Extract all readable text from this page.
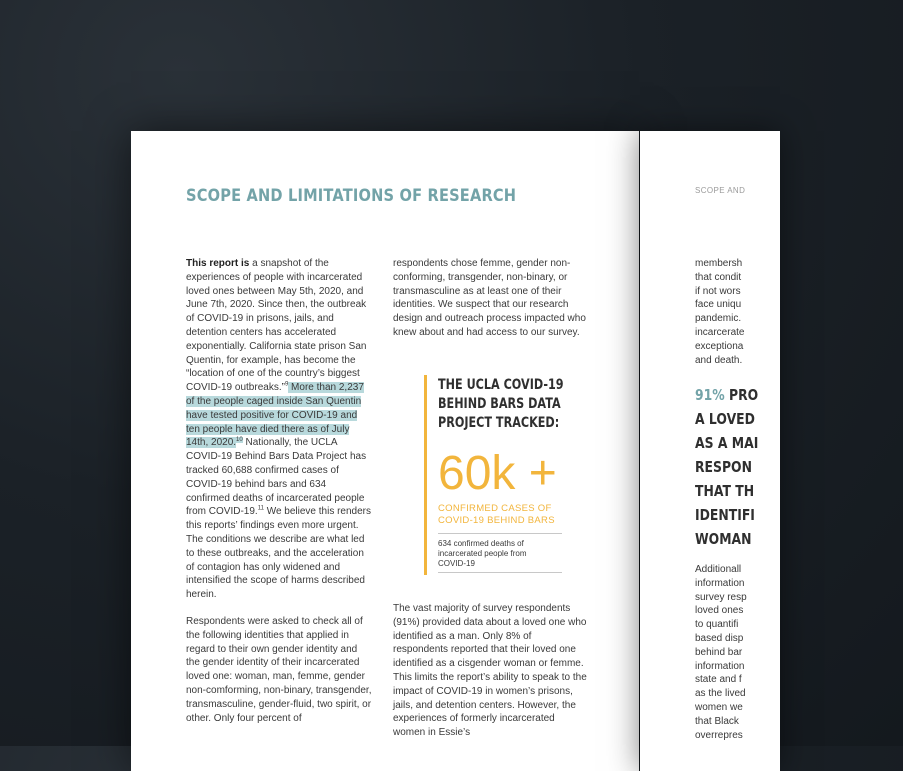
SCOPE AND LIMITATIONS OF RESEARCH

This report is a snapshot of the experiences of people with incarcerated loved ones between May 5th, 2020, and June 7th, 2020. Since then, the outbreak of COVID-19 in prisons, jails, and detention centers has accelerated exponentially. California state prison San Quentin, for example, has become the “location of one of the country’s biggest COVID-19 outbreaks.”$^9$ More than 2,237 of the people caged inside San Quentin have tested positive for COVID-19 and ten people have died there as of July 14th, 2020.10 Nationally, the UCLA COVID-19 Behind Bars Data Project has tracked 60,688 confirmed cases of COVID-19 behind bars and 634 confirmed deaths of incarcerated people from COVID-19.11 We believe this renders this reports’ findings even more urgent. The conditions we describe are what led to these outbreaks, and the acceleration of contagion has only widened and intensified the scope of harms described herein.

Respondents were asked to check all of the following identities that applied in regard to their own gender identity and the gender identity of their incarcerated loved one: woman, man, femme, gender non-comforming, non-binary, transgender, transmasculine, gender-fluid, two spirit, or other. Only four percent of

respondents chose femme, gender non-conforming, transgender, non-binary, or transmasculine as at least one of their identities. We suspect that our research design and outreach process impacted who knew about and had access to our survey.

THE UCLA COVID-19 BEHIND BARS DATA PROJECT TRACKED:
60k +
CONFIRMED CASES OF COVID-19 BEHIND BARS
634 confirmed deaths of incarcerated people from COVID-19

The vast majority of survey respondents (91%) provided data about a loved one who identified as a man. Only 8% of respondents reported that their loved one identified as a cisgender woman or femme. This limits the report’s ability to speak to the impact of COVID-19 in women’s prisons, jails, and detention centers. However, the experiences of formerly incarcerated women in Essie’s

SCOPE AND
membersh
that condit
if not wors
face uniqu
pandemic.
incarcerate
exceptiona
and death.
91% PRO
A LOVED
AS A MAI
RESPON
THAT TH
IDENTIFI
WOMAN
Additionall
information
survey resp
loved ones
to quantifi
based disp
behind bar
information
state and f
as the lived
women we
that Black
overrepres
